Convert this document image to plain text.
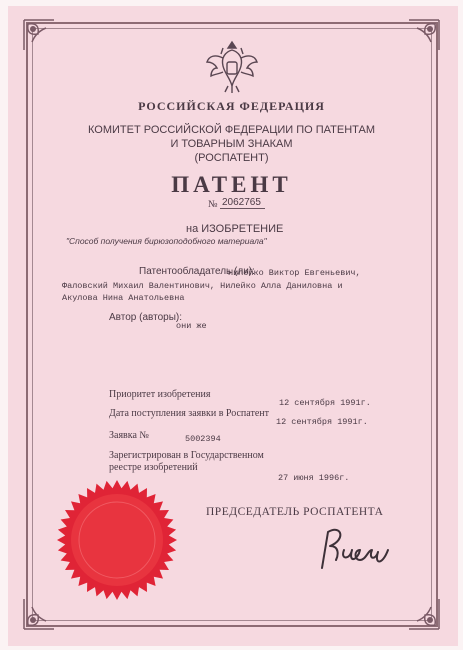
РОССИЙСКАЯ ФЕДЕРАЦИЯ
КОМИТЕТ РОССИЙСКОЙ ФЕДЕРАЦИИ ПО ПАТЕНТАМ
И ТОВАРНЫМ ЗНАКАМ
(РОСПАТЕНТ)
ПАТЕНТ
№ 2062765
на ИЗОБРЕТЕНИЕ
"Способ получения бирюзоподобного материала"
Патентообладатель (ли):
Нилейко Виктор Евгеньевич,
Фаловский Михаил Валентинович, Нилейко Алла Даниловна и
Акулова Нина Анатольевна
Автор (авторы):
они же
Приоритет изобретения
12 сентября 1991г.
Дата поступления заявки в Роспатент
12 сентября 1991г.
Заявка №	5002394
Зарегистрирован в Государственном
реестре изобретений
27 июня 1996г.
ПРЕДСЕДАТЕЛЬ РОСПАТЕНТА
Расс
